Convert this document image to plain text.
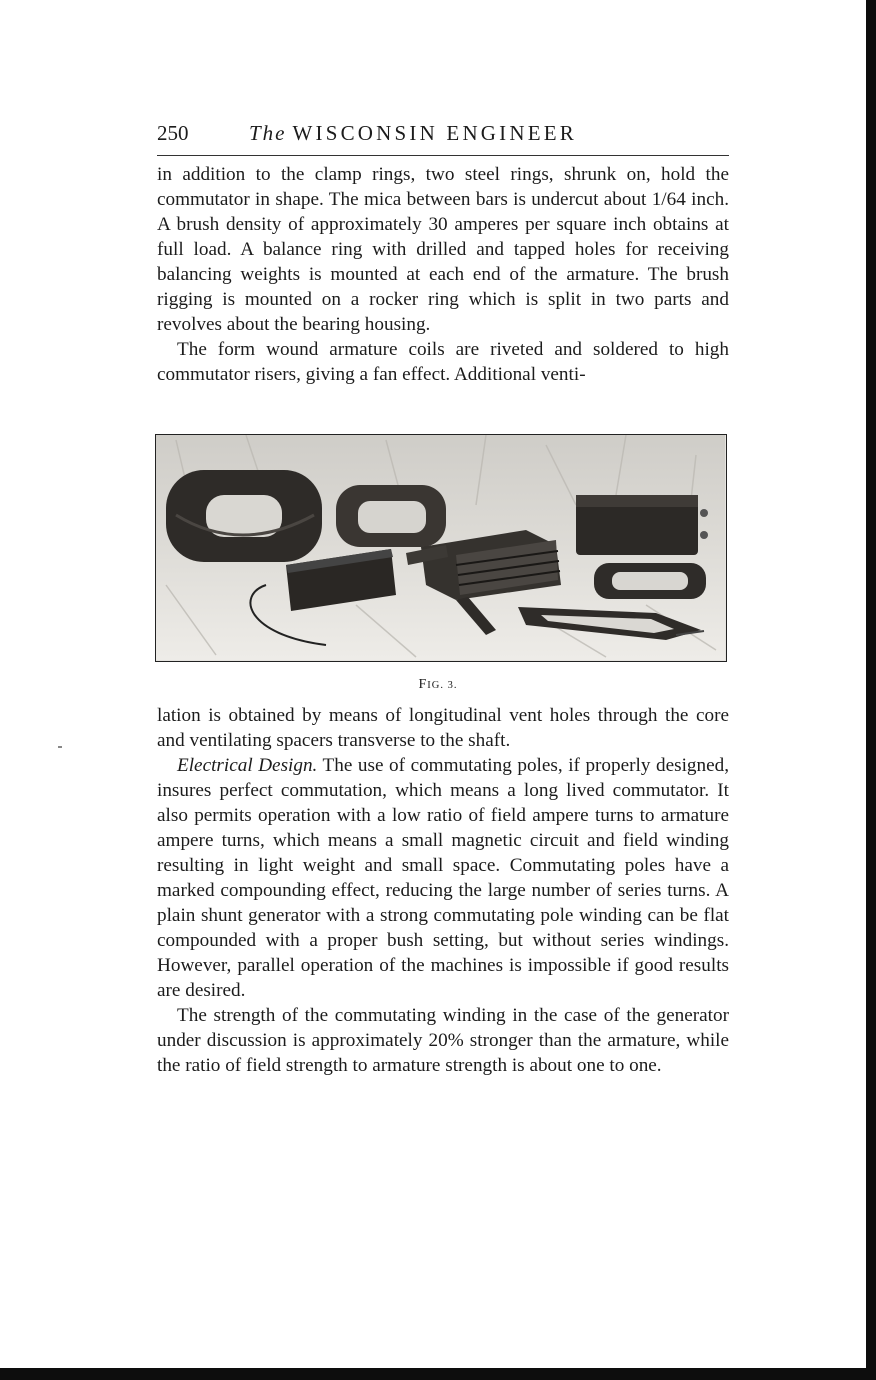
250	The WISCONSIN ENGINEER

in addition to the clamp rings, two steel rings, shrunk on, hold the commutator in shape. The mica between bars is undercut about 1/64 inch. A brush density of approximately 30 amperes per square inch obtains at full load. A balance ring with drilled and tapped holes for receiving balancing weights is mounted at each end of the armature. The brush rigging is mounted on a rocker ring which is split in two parts and revolves about the bearing housing.

The form wound armature coils are riveted and soldered to high commutator risers, giving a fan effect. Additional venti-

FIG. 3.

lation is obtained by means of longitudinal vent holes through the core and ventilating spacers transverse to the shaft.

Electrical Design. The use of commutating poles, if properly designed, insures perfect commutation, which means a long lived commutator. It also permits operation with a low ratio of field ampere turns to armature ampere turns, which means a small magnetic circuit and field winding resulting in light weight and small space. Commutating poles have a marked compounding effect, reducing the large number of series turns. A plain shunt generator with a strong commutating pole winding can be flat compounded with a proper bush setting, but without series windings. However, parallel operation of the machines is impossible if good results are desired.

The strength of the commutating winding in the case of the generator under discussion is approximately 20% stronger than the armature, while the ratio of field strength to armature strength is about one to one.
